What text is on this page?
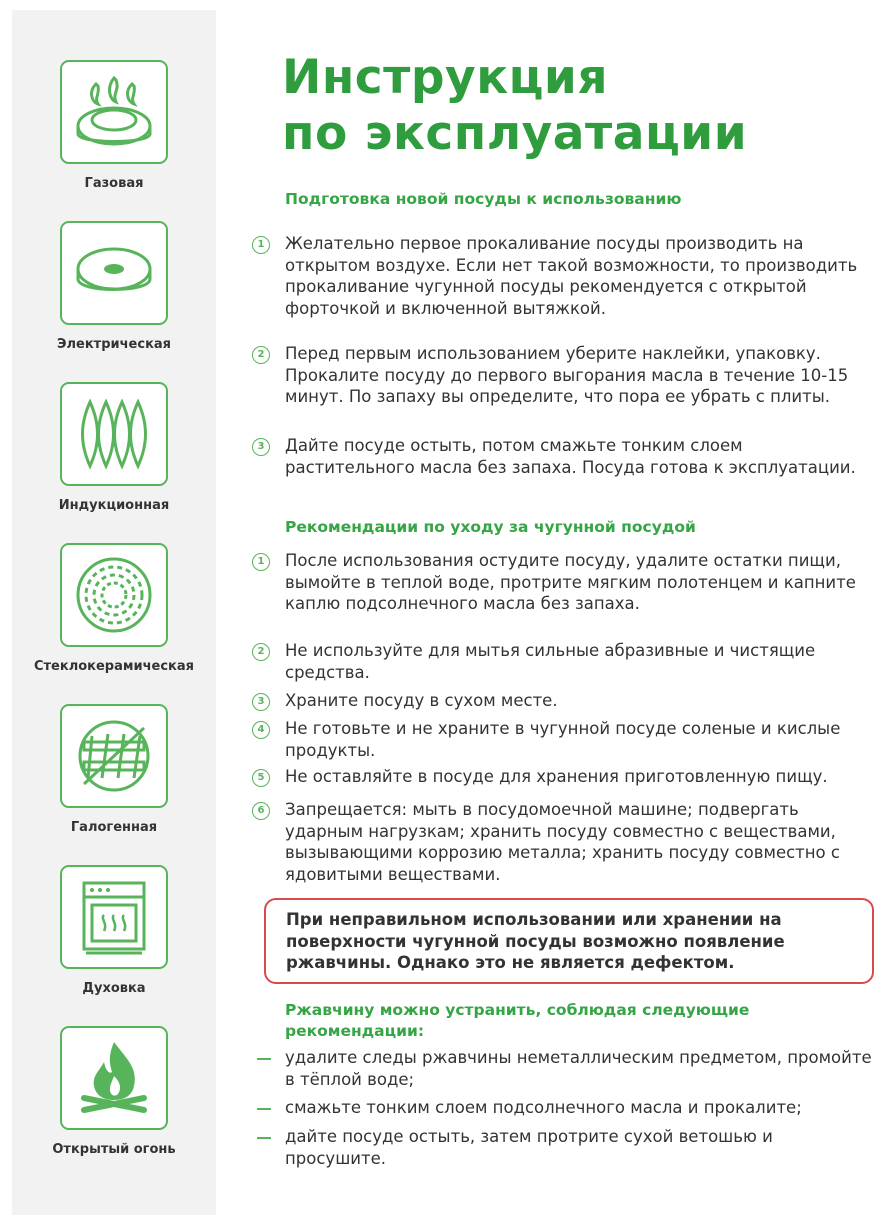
Газовая
Электрическая
Индукционная
Стеклокерамическая
Галогенная
Духовка
Открытый огонь
Инструкция
по эксплуатации
Подготовка новой посуды к использованию
1	Желательно первое прокаливание посуды производить на открытом воздухе. Если нет такой возможности, то производить прокаливание чугунной посуды рекомендуется с открытой форточкой и включенной вытяжкой.
2	Перед первым использованием уберите наклейки, упаковку. Прокалите посуду до первого выгорания масла в течение 10-15 минут. По запаху вы определите, что пора ее убрать с плиты.
3	Дайте посуде остыть, потом смажьте тонким слоем растительного масла без запаха. Посуда готова к эксплуатации.
Рекомендации по уходу за чугунной посудой
1	После использования остудите посуду, удалите остатки пищи, вымойте в теплой воде, протрите мягким полотенцем и капните каплю подсолнечного масла без запаха.
2	Не используйте для мытья сильные абразивные и чистящие средства.
3	Храните посуду в сухом месте.
4	Не готовьте и не храните в чугунной посуде соленые и кислые продукты.
5	Не оставляйте в посуде для хранения приготовленную пищу.
6	Запрещается: мыть в посудомоечной машине; подвергать ударным нагрузкам; хранить посуду совместно с веществами, вызывающими коррозию металла; хранить посуду совместно с ядовитыми веществами.
При неправильном использовании или хранении на поверхности чугунной посуды возможно появление ржавчины. Однако это не является дефектом.
Ржавчину можно устранить, соблюдая следующие рекомендации:
удалите следы ржавчины неметаллическим предметом, промойте в тёплой воде;
смажьте тонким слоем подсолнечного масла и прокалите;
дайте посуде остыть, затем протрите сухой ветошью и просушите.
